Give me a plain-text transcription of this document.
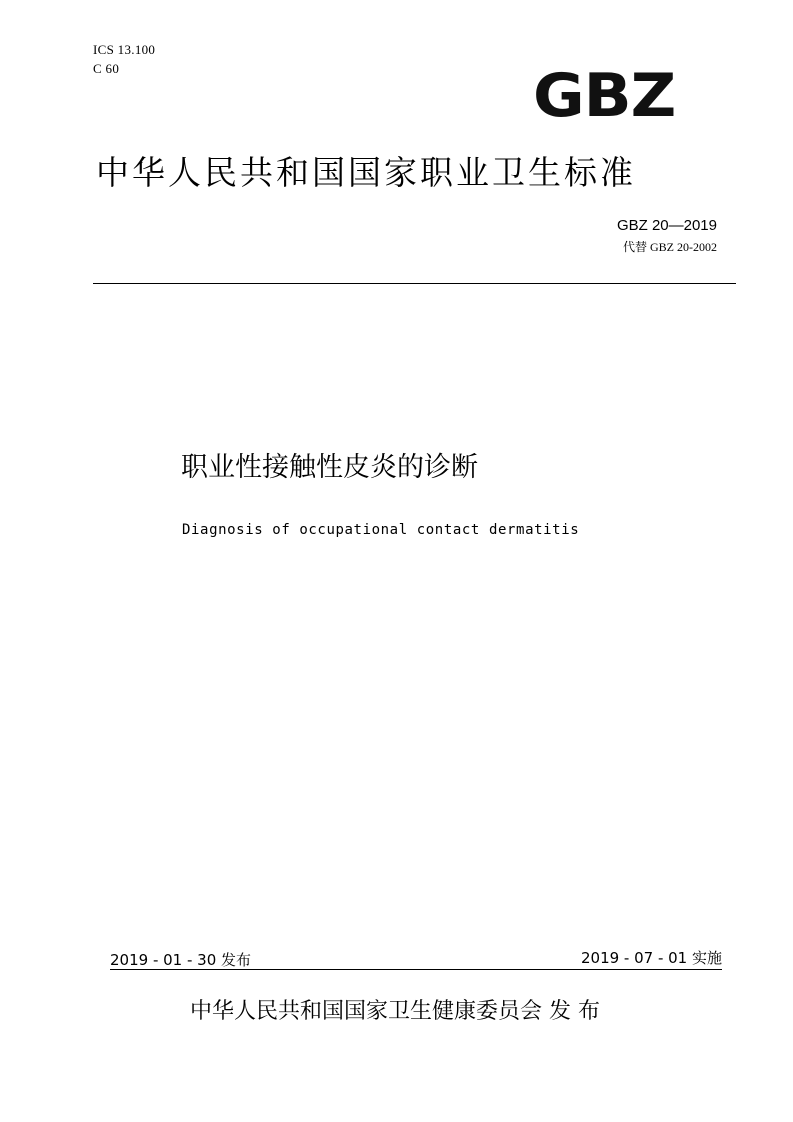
ICS 13.100
C 60	GBZ
中华人民共和国国家职业卫生标准
GBZ 20—2019
代替 GBZ 20-2002
职业性接触性皮炎的诊断
Diagnosis of occupational contact dermatitis
2019 - 01 - 30 发布	2019 - 07 - 01 实施
中华人民共和国国家卫生健康委员会 发 布
